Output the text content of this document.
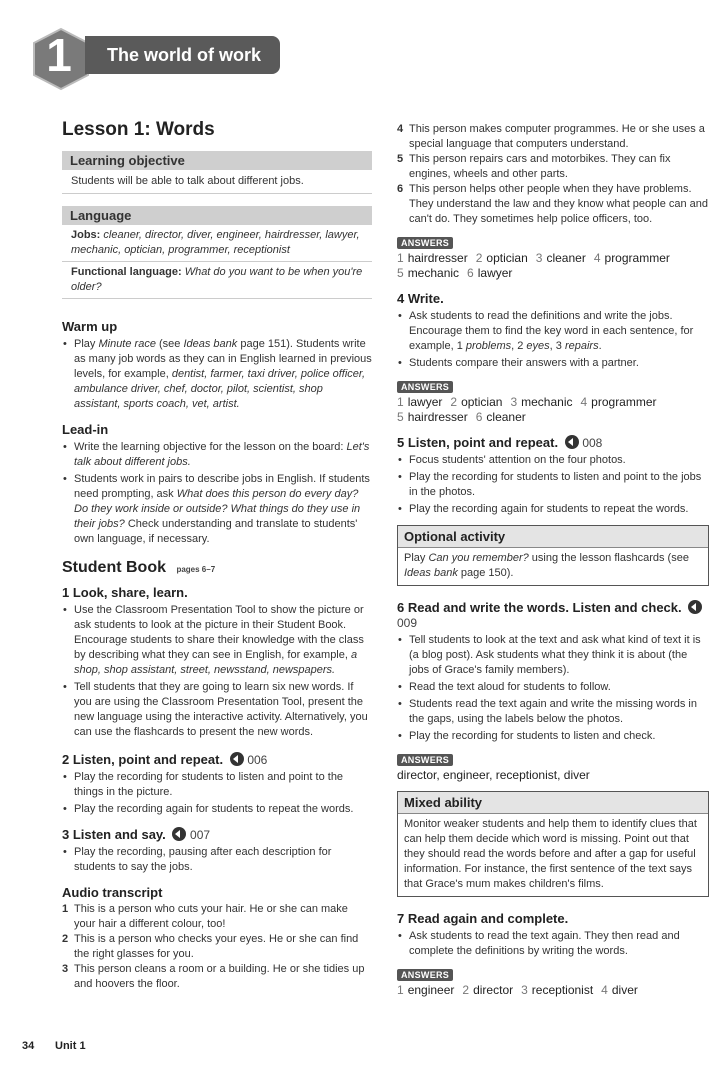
1 The world of work
Lesson 1: Words
Learning objective
Students will be able to talk about different jobs.
Language
Jobs: cleaner, director, diver, engineer, hairdresser, lawyer, mechanic, optician, programmer, receptionist
Functional language: What do you want to be when you're older?
Warm up
• Play Minute race (see Ideas bank page 151). Students write as many job words as they can in English learned in previous levels, for example, dentist, farmer, taxi driver, police officer, ambulance driver, chef, doctor, pilot, scientist, shop assistant, sports coach, vet, artist.
Lead-in
• Write the learning objective for the lesson on the board: Let's talk about different jobs.
• Students work in pairs to describe jobs in English. If students need prompting, ask What does this person do every day? Do they work inside or outside? What things do they use in their jobs? Check understanding and translate to students' own language, if necessary.
Student Book pages 6–7
1 Look, share, learn.
• Use the Classroom Presentation Tool to show the picture or ask students to look at the picture in their Student Book. Encourage students to share their knowledge with the class by describing what they can see in English, for example, a shop, shop assistant, street, newsstand, newspapers.
• Tell students that they are going to learn six new words. If you are using the Classroom Presentation Tool, present the new language using the interactive activity. Alternatively, you can use the flashcards to present the new words.
2 Listen, point and repeat. 006
• Play the recording for students to listen and point to the things in the picture.
• Play the recording again for students to repeat the words.
3 Listen and say. 007
• Play the recording, pausing after each description for students to say the jobs.
Audio transcript
1 This is a person who cuts your hair. He or she can make your hair a different colour, too!
2 This is a person who checks your eyes. He or she can find the right glasses for you.
3 This person cleans a room or a building. He or she tidies up and hoovers the floor.
4 This person makes computer programmes. He or she uses a special language that computers understand.
5 This person repairs cars and motorbikes. They can fix engines, wheels and other parts.
6 This person helps other people when they have problems. They understand the law and they know what people can and can't do. They sometimes help police officers, too.
ANSWERS
1 hairdresser 2 optician 3 cleaner 4 programmer
5 mechanic 6 lawyer
4 Write.
• Ask students to read the definitions and write the jobs. Encourage them to find the key word in each sentence, for example, 1 problems, 2 eyes, 3 repairs.
• Students compare their answers with a partner.
ANSWERS
1 lawyer 2 optician 3 mechanic 4 programmer
5 hairdresser 6 cleaner
5 Listen, point and repeat. 008
• Focus students' attention on the four photos.
• Play the recording for students to listen and point to the jobs in the photos.
• Play the recording again for students to repeat the words.
Optional activity
Play Can you remember? using the lesson flashcards (see Ideas bank page 150).
6 Read and write the words. Listen and check.  009
• Tell students to look at the text and ask what kind of text it is (a blog post). Ask students what they think it is about (the jobs of Grace's family members).
• Read the text aloud for students to follow.
• Students read the text again and write the missing words in the gaps, using the labels below the photos.
• Play the recording for students to listen and check.
ANSWERS
director, engineer, receptionist, diver
Mixed ability
Monitor weaker students and help them to identify clues that can help them decide which word is missing. Point out that they should read the words before and after a gap for useful information. For instance, the first sentence of the text says that Grace's mum makes children's films.
7 Read again and complete.
• Ask students to read the text again. They then read and complete the definitions by writing the words.
ANSWERS
1 engineer 2 director 3 receptionist 4 diver
34 Unit 1
